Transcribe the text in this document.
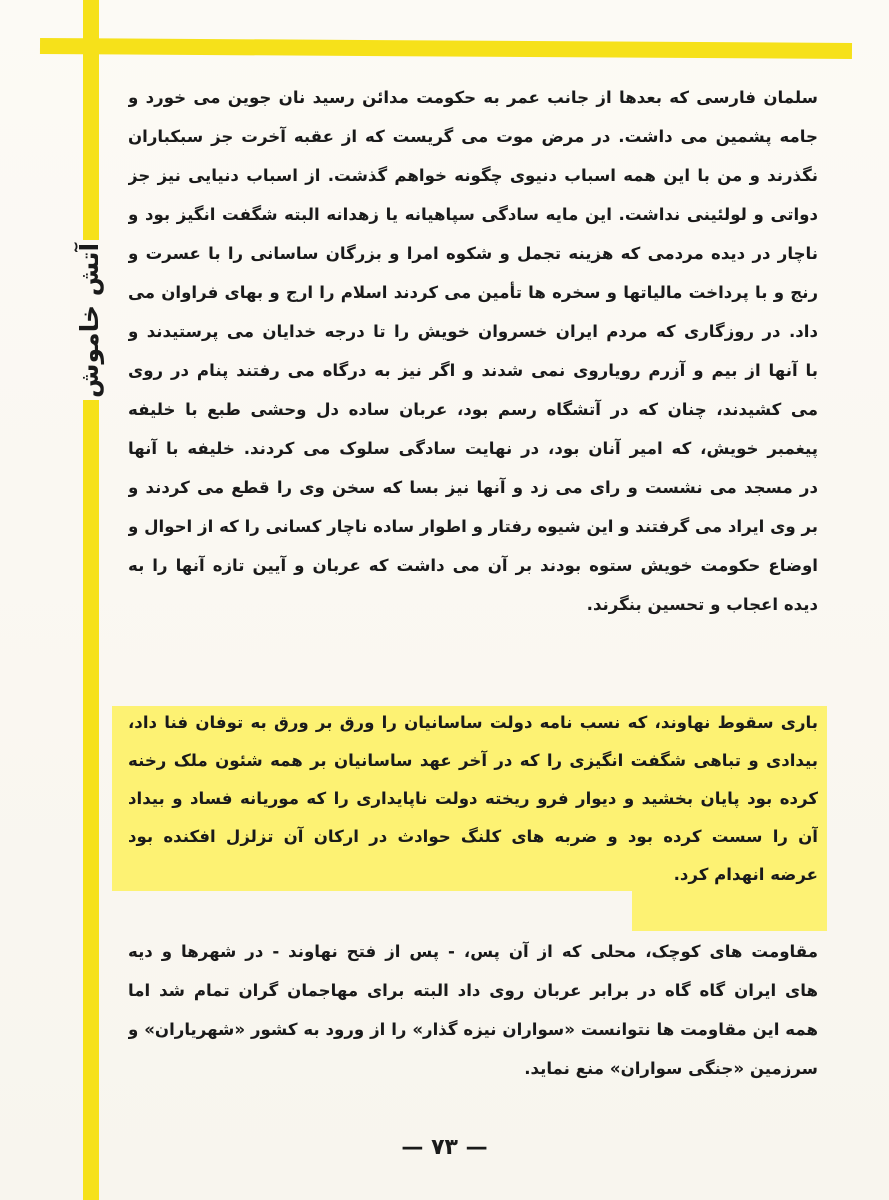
آتش خاموش
سلمان فارسی که بعدها از جانب عمر به حکومت مدائن رسید نان جوین می خورد و
جامه پشمین می داشت. در مرض موت می گریست که از عقبه آخرت جز سبکباران
نگذرند و من با این همه اسباب دنیوی چگونه خواهم گذشت. از اسباب دنیایی نیز جز
دواتی و لولئینی نداشت. این مایه سادگی سپاهیانه یا زهدانه البته شگفت انگیز بود و
ناچار در دیده مردمی که هزینه تجمل و شکوه امرا و بزرگان ساسانی را با عسرت و
رنج و با پرداخت مالیاتها و سخره ها تأمین می کردند اسلام را ارج و بهای فراوان می
داد. در روزگاری که مردم ایران خسروان خویش را تا درجه خدایان می پرستیدند و
با آنها از بیم و آزرم رویاروی نمی شدند و اگر نیز به درگاه می رفتند پنام در روی
می کشیدند، چنان که در آتشگاه رسم بود، عربان ساده دل وحشی طبع با خلیفه
پیغمبر خویش، که امیر آنان بود، در نهایت سادگی سلوک می کردند. خلیفه با آنها
در مسجد می نشست و رای می زد و آنها نیز بسا که سخن وی را قطع می کردند و
بر وی ایراد می گرفتند و این شیوه رفتار و اطوار ساده ناچار کسانی را که از احوال و
اوضاع حکومت خویش ستوه بودند بر آن می داشت که عربان و آیین تازه آنها را به
دیده اعجاب و تحسین بنگرند.
باری سقوط نهاوند، که نسب نامه دولت ساسانیان را ورق بر ورق به توفان فنا داد،
بیدادی و تباهی شگفت انگیزی را که در آخر عهد ساسانیان بر همه شئون ملک رخنه
کرده بود پایان بخشید و دیوار فرو ریخته دولت ناپایداری را که موریانه فساد و بیداد
آن را سست کرده بود و ضربه های کلنگ حوادث در ارکان آن تزلزل افکنده بود
عرضه انهدام کرد.
مقاومت های کوچک، محلی که از آن پس، - پس از فتح نهاوند - در شهرها و دیه
های ایران گاه گاه در برابر عربان روی داد البته برای مهاجمان گران تمام شد اما
همه این مقاومت ها نتوانست «سواران نیزه گذار» را از ورود به کشور «شهریاران» و
سرزمین «جنگی سواران» منع نماید.
— ۷۳ —
